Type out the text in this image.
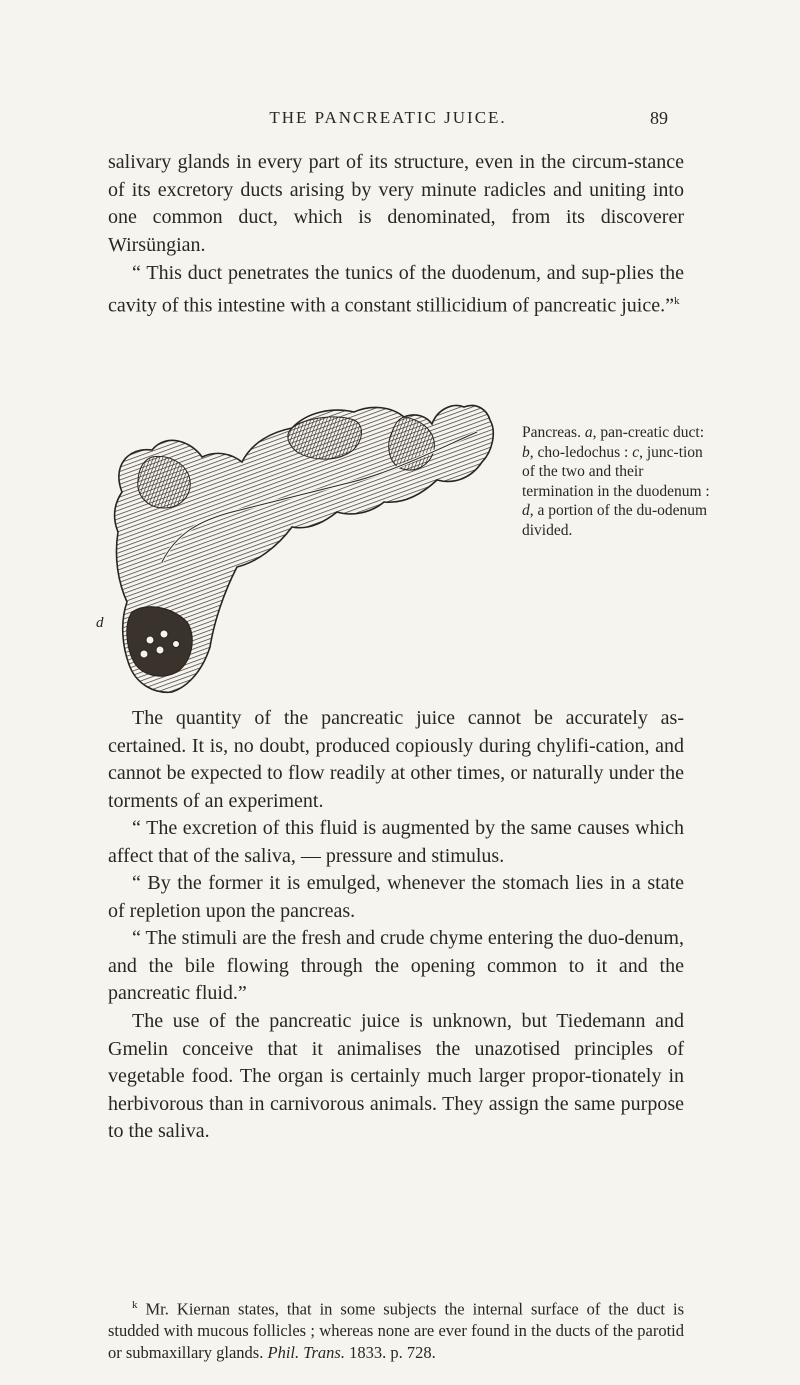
THE PANCREATIC JUICE.	89

salivary glands in every part of its structure, even in the circum-stance of its excretory ducts arising by very minute radicles and uniting into one common duct, which is denominated, from its discoverer Wirsüngian.

“ This duct penetrates the tunics of the duodenum, and sup-plies the cavity of this intestine with a constant stillicidium of pancreatic juice.”$^k$

d

Pancreas. a, pan-creatic duct: b, cho-ledochus : c, junc-tion of the two and their termination in the duodenum : d, a portion of the du-odenum divided.

The quantity of the pancreatic juice cannot be accurately as-certained. It is, no doubt, produced copiously during chylifi-cation, and cannot be expected to flow readily at other times, or naturally under the torments of an experiment.

“ The excretion of this fluid is augmented by the same causes which affect that of the saliva, — pressure and stimulus.

“ By the former it is emulged, whenever the stomach lies in a state of repletion upon the pancreas.

“ The stimuli are the fresh and crude chyme entering the duo-denum, and the bile flowing through the opening common to it and the pancreatic fluid.”

The use of the pancreatic juice is unknown, but Tiedemann and Gmelin conceive that it animalises the unazotised principles of vegetable food. The organ is certainly much larger propor-tionately in herbivorous than in carnivorous animals. They assign the same purpose to the saliva.

$^k$ Mr. Kiernan states, that in some subjects the internal surface of the duct is studded with mucous follicles ; whereas none are ever found in the ducts of the parotid or submaxillary glands. Phil. Trans. 1833. p. 728.
